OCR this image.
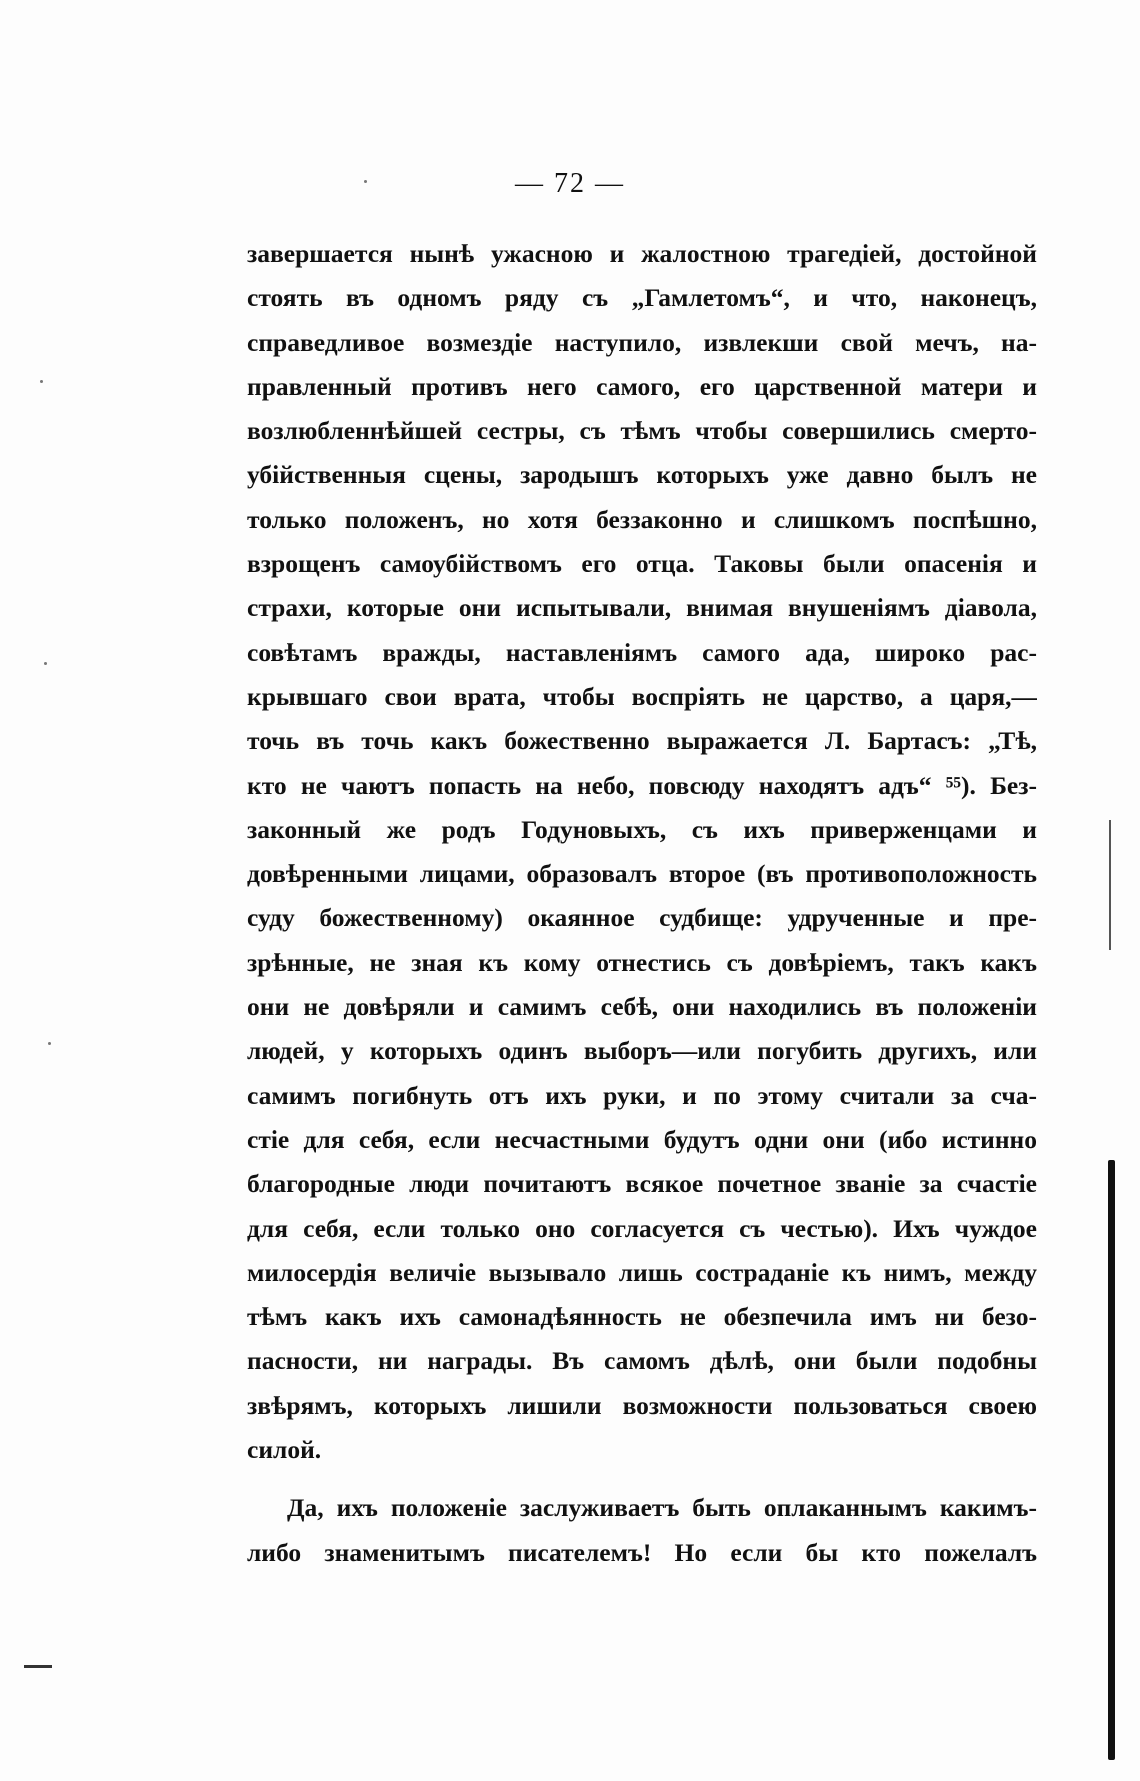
— 72 —
завершается нынѣ ужасною и жалостною трагедіей, достойной
стоять въ одномъ ряду съ „Гамлетомъ“, и что, наконецъ,
справедливое возмездіе наступило, извлекши свой мечъ, на-
правленный противъ него самого, его царственной матери и
возлюбленнѣйшей сестры, съ тѣмъ чтобы совершились смерто-
убійственныя сцены, зародышъ которыхъ уже давно былъ не
только положенъ, но хотя беззаконно и слишкомъ поспѣшно,
взрощенъ самоубійствомъ его отца. Таковы были опасенія и
страхи, которые они испытывали, внимая внушеніямъ діавола,
совѣтамъ вражды, наставленіямъ самого ада, широко рас-
крывшаго свои врата, чтобы воспріять не царство, а царя,—
точь въ точь какъ божественно выражается Л. Бартасъ: „Тѣ,
кто не чаютъ попасть на небо, повсюду находятъ адъ“ ⁵⁵). Без-
законный же родъ Годуновыхъ, съ ихъ приверженцами и
довѣренными лицами, образовалъ второе (въ противоположность
суду божественному) окаянное судбище: удрученные и пре-
зрѣнные, не зная къ кому отнестись съ довѣріемъ, такъ какъ
они не довѣряли и самимъ себѣ, они находились въ положеніи
людей, у которыхъ одинъ выборъ—или погубить другихъ, или
самимъ погибнуть отъ ихъ руки, и по этому считали за сча-
стіе для себя, если несчастными будутъ одни они (ибо истинно
благородные люди почитаютъ всякое почетное званіе за счастіе
для себя, если только оно согласуется съ честью). Ихъ чуждое
милосердія величіе вызывало лишь состраданіе къ нимъ, между
тѣмъ какъ ихъ самонадѣянность не обезпечила имъ ни безо-
пасности, ни награды. Въ самомъ дѣлѣ, они были подобны
звѣрямъ, которыхъ лишили возможности пользоваться своею
силой.
Да, ихъ положеніе заслуживаетъ быть оплаканнымъ какимъ-
либо знаменитымъ писателемъ! Но если бы кто пожелалъ
